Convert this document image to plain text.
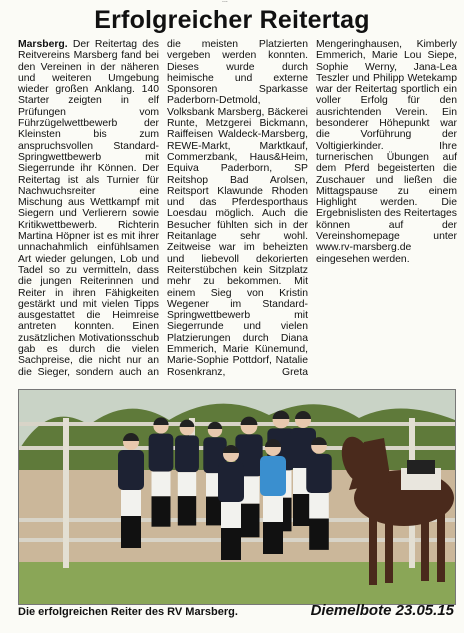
...
Erfolgreicher Reitertag

Marsberg. Der Reitertag des Reitvereins Marsberg fand bei den Vereinen in der näheren und weiteren Umgebung wieder großen Anklang. 140 Starter zeigten in elf Prüfungen vom Führzügelwettbewerb der Kleinsten bis zum anspruchsvollen Standard-Springwettbewerb mit Siegerrunde ihr Können. Der Reitertag ist als Turnier für Nachwuchsreiter eine Mischung aus Wettkampf mit Siegern und Verlierern sowie Kritikwettbewerb. Richterin Martina Höpner ist es mit ihrer unnachahmlich einfühlsamen Art wieder gelungen, Lob und Tadel so zu vermitteln, dass die jungen Reiterinnen und Reiter in ihren Fähigkeiten gestärkt und mit vielen Tipps ausgestattet die Heimreise antreten konnten. Einen zusätzlichen Motivationsschub gab es durch die vielen Sachpreise, die nicht nur an die Sieger, sondern auch an die meisten Platzierten vergeben werden konnten. Dieses wurde durch heimische und externe Sponsoren Sparkasse Paderborn-Detmold, Volksbank Marsberg, Bäckerei Runte, Metzgerei Bickmann, Raiffeisen Waldeck-Marsberg, REWE-Markt, Marktkauf, Commerzbank, Haus&Heim, Equiva Paderborn, SP Reitshop Bad Arolsen, Reitsport Klawunde Rhoden und das Pferdesporthaus Loesdau möglich. Auch die Besucher fühlten sich in der Reitanlage sehr wohl. Zeitweise war im beheizten und liebevoll dekorierten Reiterstübchen kein Sitzplatz mehr zu bekommen. Mit einem Sieg von Kristin Wegener im Standard-Springwettbewerb mit Siegerrunde und vielen Platzierungen durch Diana Emmerich, Marie Künemund, Marie-Sophie Pottdorf, Natalie Rosenkranz, Greta Mengeringhausen, Kimberly Emmerich, Marie Lou Siepe, Sophie Werny, Jana-Lea Teszler und Philipp Wetekamp war der Reitertag sportlich ein voller Erfolg für den ausrichtenden Verein. Ein besonderer Höhepunkt war die Vorführung der Voltigierkinder. Ihre turnerischen Übungen auf dem Pferd begeisterten die Zuschauer und ließen die Mittagspause zu einem Highlight werden. Die Ergebnislisten des Reitertages können auf der Vereinshomepage unter www.rv-marsberg.de eingesehen werden.

Die erfolgreichen Reiter des RV Marsberg.	Diemelbote 23.05.15
